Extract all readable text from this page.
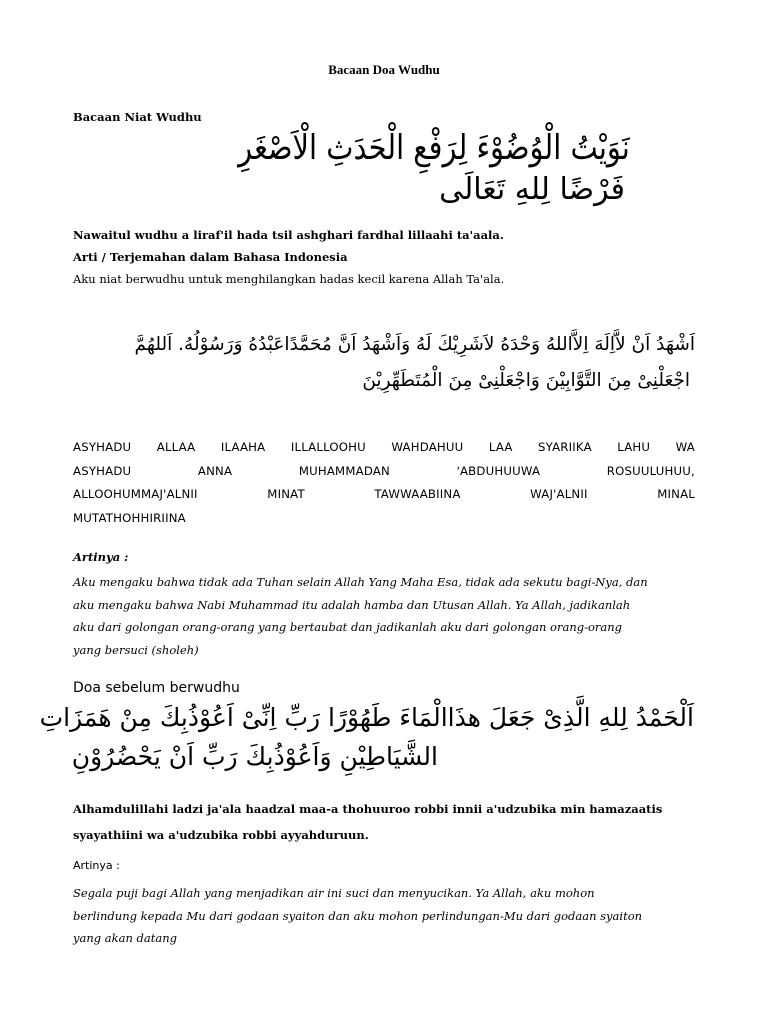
Bacaan Doa Wudhu
Bacaan Niat Wudhu
نَوَيْتُ الْوُضُوْءَ لِرَفْعِ الْحَدَثِ الْاَصْغَرِ
فَرْضًا لِلهِ تَعَالَى
Nawaitul wudhu a liraf'il hada tsil ashghari fardhal lillaahi ta'aala.
Arti / Terjemahan dalam Bahasa Indonesia
Aku niat berwudhu untuk menghilangkan hadas kecil karena Allah Ta'ala.
اَشْهَدُ اَنْ لاَّاِلَهَ اِلاَّاللهُ وَحْدَهُ لاَشَرِيْكَ لَهُ وَاَشْهَدُ اَنَّ مُحَمَّدًاعَبْدُهُ وَرَسُوْلُهُ. اَللهُمَّ
اجْعَلْنِىْ مِنَ التَّوَّابِيْنَ وَاجْعَلْنِىْ مِنَ الْمُتَطَهِّرِيْنَ
ASYHADU ALLAA ILAAHA ILLALLOOHU WAHDAHUU LAA SYARIIKA LAHU WA
ASYHADU	ANNA	MUHAMMADAN	'ABDUHUUWA	ROSUULUHUU,
ALLOOHUMMAJ'ALNII	MINAT	TAWWAABIINA	WAJ'ALNII	MINAL
MUTATHOHHIRIINA
Artinya :
Aku mengaku bahwa tidak ada Tuhan selain Allah Yang Maha Esa, tidak ada sekutu bagi-Nya, dan
aku mengaku bahwa Nabi Muhammad itu adalah hamba dan Utusan Allah. Ya Allah, jadikanlah
aku dari golongan orang-orang yang bertaubat dan jadikanlah aku dari golongan orang-orang
yang bersuci (sholeh)
Doa sebelum berwudhu
اَلْحَمْدُ لِلهِ الَّذِىْ جَعَلَ هذَاالْمَاءَ طَهُوْرًا رَبِّ اِنِّىْ اَعُوْذُبِكَ مِنْ هَمَزَاتِ
الشَّيَاطِيْنِ وَاَعُوْذُبِكَ رَبِّ اَنْ يَحْضُرُوْنِ
Alhamdulillahi ladzi ja'ala haadzal maa-a thohuuroo robbi innii a'udzubika min hamazaatis
syayathiini wa a'udzubika robbi ayyahduruun.
Artinya :
Segala puji bagi Allah yang menjadikan air ini suci dan menyucikan. Ya Allah, aku mohon
berlindung kepada Mu dari godaan syaiton dan aku mohon perlindungan-Mu dari godaan syaiton
yang akan datang
